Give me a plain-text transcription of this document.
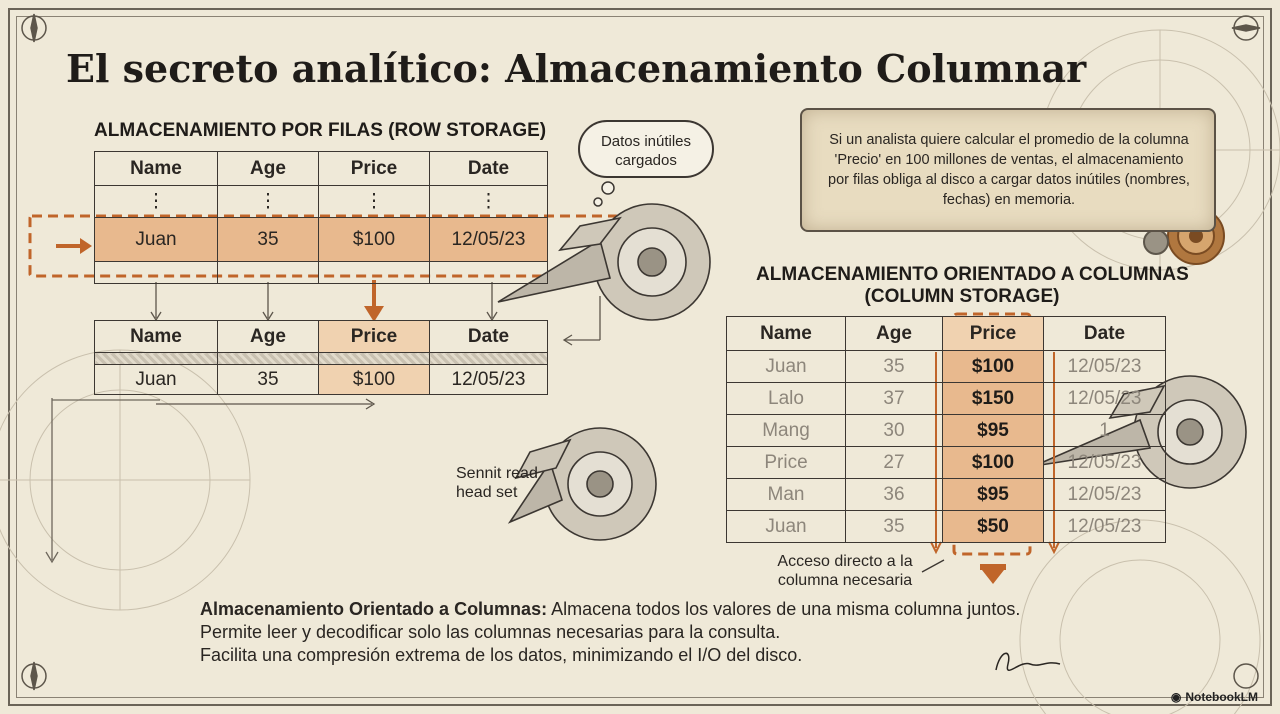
El secreto analítico: Almacenamiento Columnar
ALMACENAMIENTO POR FILAS (ROW STORAGE)
Name	Age	Price	Date
⋮	⋮	⋮	⋮
Juan	35	$100	12/05/23

Datos inútiles cargados
Name	Age	Price	Date

Juan	35	$100	12/05/23
Sennit read head set
Si un analista quiere calcular el promedio de la columna 'Precio' en 100 millones de ventas, el almacenamiento por filas obliga al disco a cargar datos inútiles (nombres, fechas) en memoria.
ALMACENAMIENTO ORIENTADO A COLUMNAS
(COLUMN STORAGE)
Name	Age	Price	Date
Juan	35	$100	12/05/23
Lalo	37	$150	12/05/23
Mang	30	$95	1
Price	27	$100	12/05/23
Man	36	$95	12/05/23
Juan	35	$50	12/05/23
Acceso directo a la columna necesaria
Almacenamiento Orientado a Columnas: Almacena todos los valores de una misma columna juntos.
Permite leer y decodificar solo las columnas necesarias para la consulta.
Facilita una compresión extrema de los datos, minimizando el I/O del disco.
◉ NotebookLM
